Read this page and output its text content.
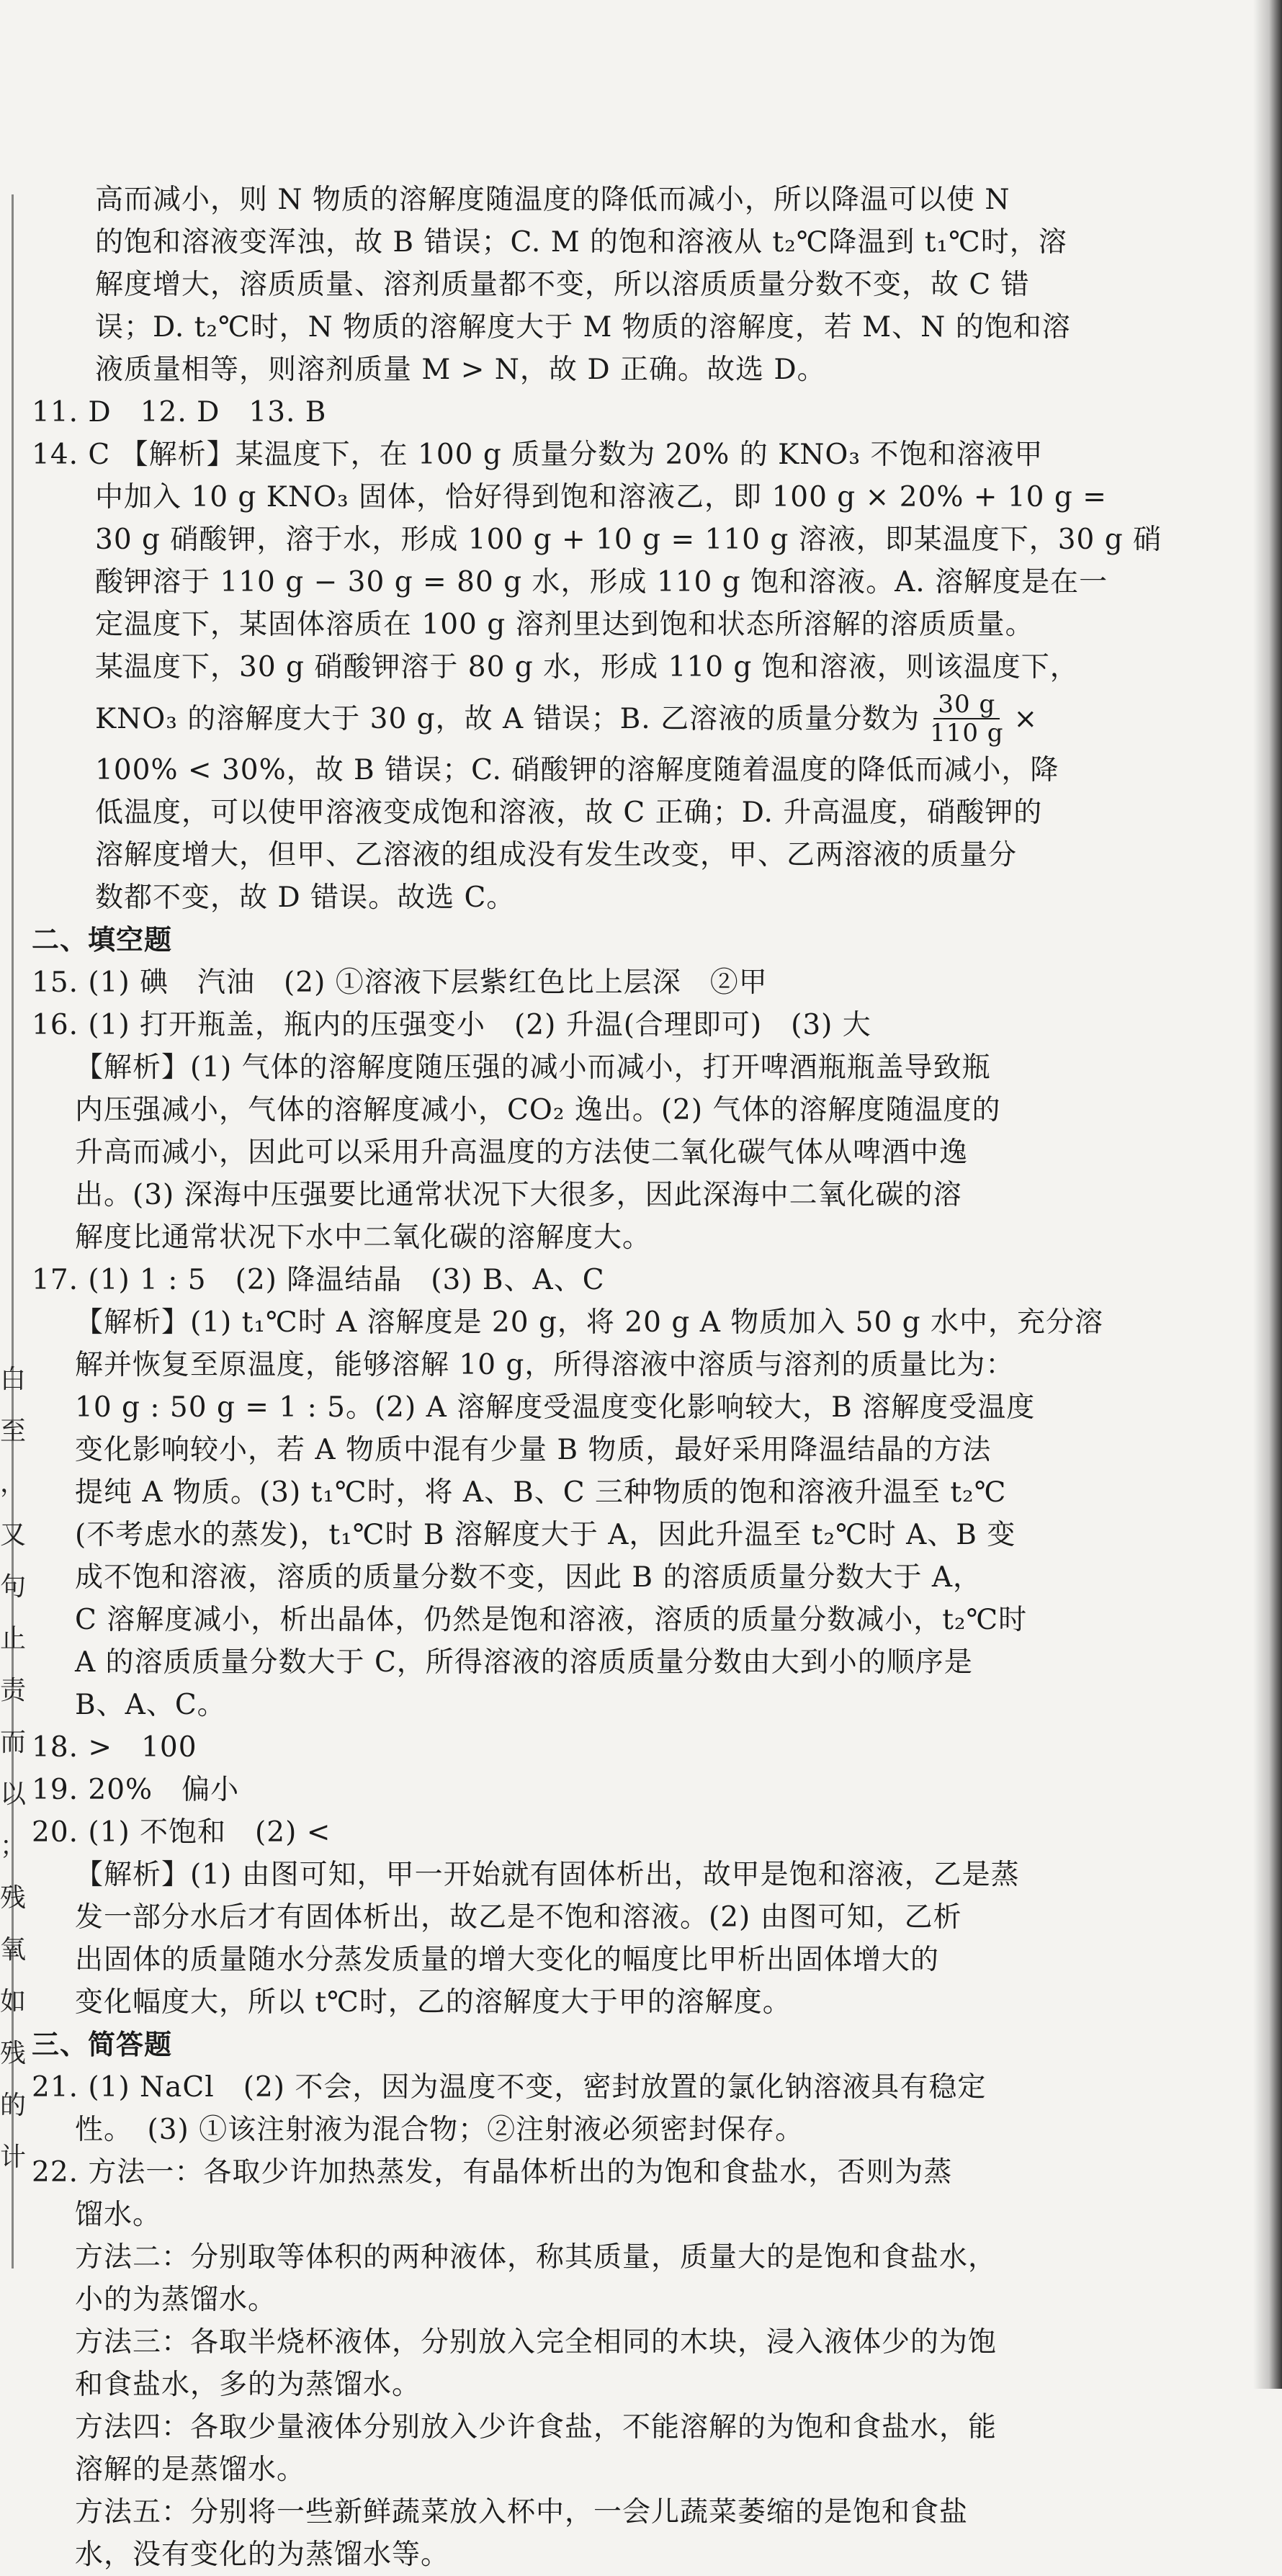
白
至
，
又
句
止
责
而
以
；
残
氧
如
残
的
计
高而减小，则 N 物质的溶解度随温度的降低而减小，所以降温可以使 N
的饱和溶液变浑浊，故 B 错误；C. M 的饱和溶液从 t₂℃降温到 t₁℃时，溶
解度增大，溶质质量、溶剂质量都不变，所以溶质质量分数不变，故 C 错
误；D. t₂℃时，N 物质的溶解度大于 M 物质的溶解度，若 M、N 的饱和溶
液质量相等，则溶剂质量 M > N，故 D 正确。故选 D。
11. D　12. D　13. B
14. C 【解析】某温度下，在 100 g 质量分数为 20% 的 KNO₃ 不饱和溶液甲
中加入 10 g KNO₃ 固体，恰好得到饱和溶液乙，即 100 g × 20% + 10 g =
30 g 硝酸钾，溶于水，形成 100 g + 10 g = 110 g 溶液，即某温度下，30 g 硝
酸钾溶于 110 g − 30 g = 80 g 水，形成 110 g 饱和溶液。A. 溶解度是在一
定温度下，某固体溶质在 100 g 溶剂里达到饱和状态所溶解的溶质质量。
某温度下，30 g 硝酸钾溶于 80 g 水，形成 110 g 饱和溶液，则该温度下，
KNO₃ 的溶解度大于 30 g，故 A 错误；B. 乙溶液的质量分数为 $\frac{30 g}{110 g}$ ×
100% < 30%，故 B 错误；C. 硝酸钾的溶解度随着温度的降低而减小，降
低温度，可以使甲溶液变成饱和溶液，故 C 正确；D. 升高温度，硝酸钾的
溶解度增大，但甲、乙溶液的组成没有发生改变，甲、乙两溶液的质量分
数都不变，故 D 错误。故选 C。
二、填空题
15. (1) 碘　汽油　(2) ①溶液下层紫红色比上层深　②甲
16. (1) 打开瓶盖，瓶内的压强变小　(2) 升温(合理即可)　(3) 大
【解析】(1) 气体的溶解度随压强的减小而减小，打开啤酒瓶瓶盖导致瓶
内压强减小，气体的溶解度减小，CO₂ 逸出。(2) 气体的溶解度随温度的
升高而减小，因此可以采用升高温度的方法使二氧化碳气体从啤酒中逸
出。(3) 深海中压强要比通常状况下大很多，因此深海中二氧化碳的溶
解度比通常状况下水中二氧化碳的溶解度大。
17. (1) 1 : 5　(2) 降温结晶　(3) B、A、C
【解析】(1) t₁℃时 A 溶解度是 20 g，将 20 g A 物质加入 50 g 水中，充分溶
解并恢复至原温度，能够溶解 10 g，所得溶液中溶质与溶剂的质量比为：
10 g : 50 g = 1 : 5。(2) A 溶解度受温度变化影响较大，B 溶解度受温度
变化影响较小，若 A 物质中混有少量 B 物质，最好采用降温结晶的方法
提纯 A 物质。(3) t₁℃时，将 A、B、C 三种物质的饱和溶液升温至 t₂℃
(不考虑水的蒸发)，t₁℃时 B 溶解度大于 A，因此升温至 t₂℃时 A、B 变
成不饱和溶液，溶质的质量分数不变，因此 B 的溶质质量分数大于 A，
C 溶解度减小，析出晶体，仍然是饱和溶液，溶质的质量分数减小，t₂℃时
A 的溶质质量分数大于 C，所得溶液的溶质质量分数由大到小的顺序是
B、A、C。
18. >　100
19. 20%　偏小
20. (1) 不饱和　(2) <
【解析】(1) 由图可知，甲一开始就有固体析出，故甲是饱和溶液，乙是蒸
发一部分水后才有固体析出，故乙是不饱和溶液。(2) 由图可知，乙析
出固体的质量随水分蒸发质量的增大变化的幅度比甲析出固体增大的
变化幅度大，所以 t℃时，乙的溶解度大于甲的溶解度。
三、简答题
21. (1) NaCl　(2) 不会，因为温度不变，密封放置的氯化钠溶液具有稳定
性。　(3) ①该注射液为混合物；②注射液必须密封保存。
22. 方法一：各取少许加热蒸发，有晶体析出的为饱和食盐水，否则为蒸
馏水。
方法二：分别取等体积的两种液体，称其质量，质量大的是饱和食盐水，
小的为蒸馏水。
方法三：各取半烧杯液体，分别放入完全相同的木块，浸入液体少的为饱
和食盐水，多的为蒸馏水。
方法四：各取少量液体分别放入少许食盐，不能溶解的为饱和食盐水，能
溶解的是蒸馏水。
方法五：分别将一些新鲜蔬菜放入杯中，一会儿蔬菜萎缩的是饱和食盐
水，没有变化的为蒸馏水等。
